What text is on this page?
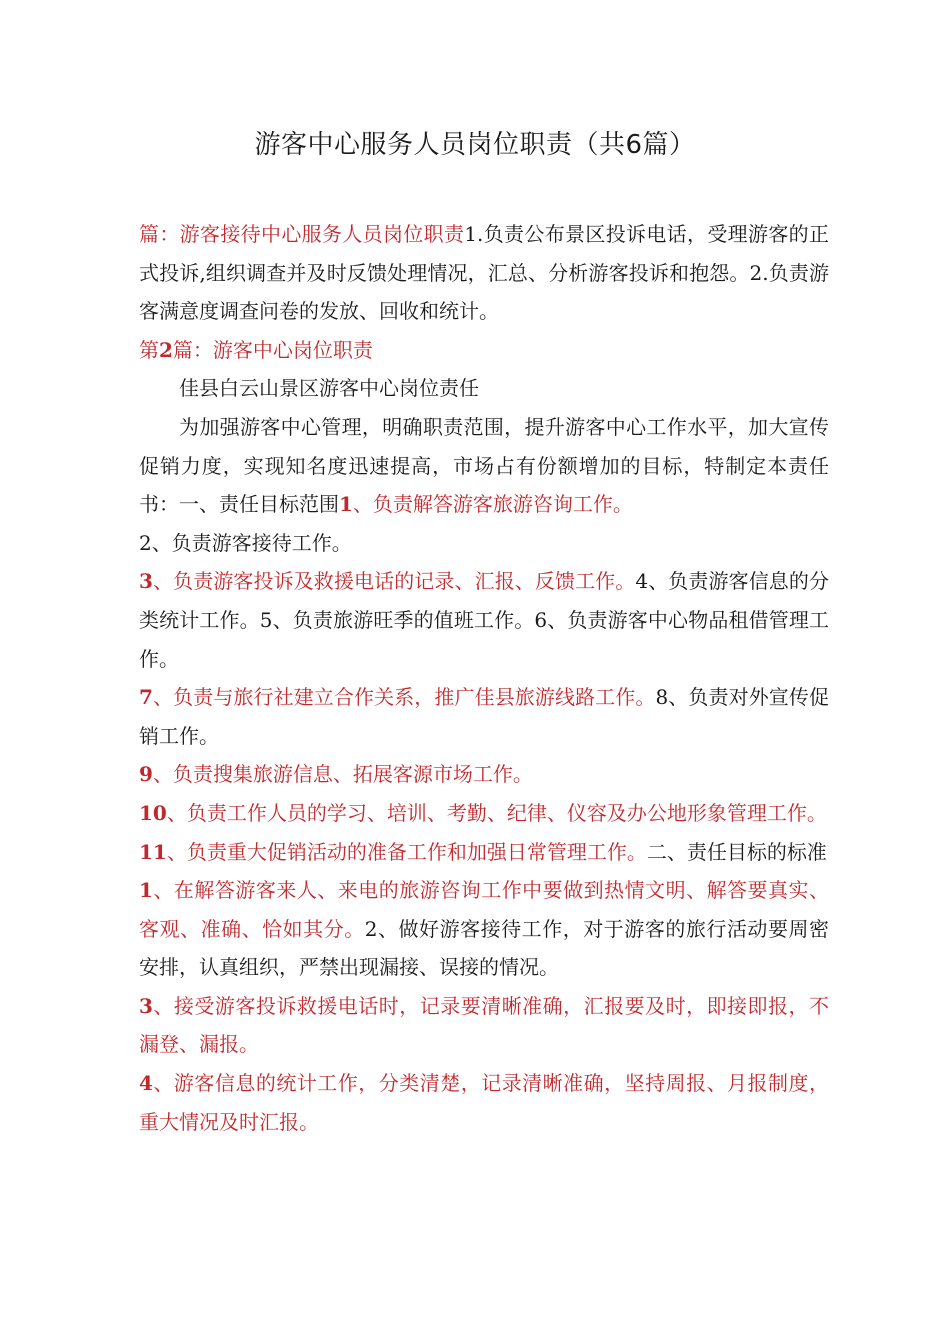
游客中心服务人员岗位职责（共6篇）

篇：游客接待中心服务人员岗位职责1.负责公布景区投诉电话，受理游客的正式投诉,组织调查并及时反馈处理情况，汇总、分析游客投诉和抱怨。2.负责游客满意度调查问卷的发放、回收和统计。

第2篇：游客中心岗位职责

佳县白云山景区游客中心岗位责任

为加强游客中心管理，明确职责范围，提升游客中心工作水平，加大宣传促销力度，实现知名度迅速提高，市场占有份额增加的目标，特制定本责任书：一、责任目标范围1、负责解答游客旅游咨询工作。

2、负责游客接待工作。

3、负责游客投诉及救援电话的记录、汇报、反馈工作。4、负责游客信息的分类统计工作。5、负责旅游旺季的值班工作。6、负责游客中心物品租借管理工作。

7、负责与旅行社建立合作关系，推广佳县旅游线路工作。8、负责对外宣传促销工作。

9、负责搜集旅游信息、拓展客源市场工作。

10、负责工作人员的学习、培训、考勤、纪律、仪容及办公地形象管理工作。

11、负责重大促销活动的准备工作和加强日常管理工作。二、责任目标的标准

1、在解答游客来人、来电的旅游咨询工作中要做到热情文明、解答要真实、客观、准确、恰如其分。2、做好游客接待工作，对于游客的旅行活动要周密安排，认真组织，严禁出现漏接、误接的情况。

3、接受游客投诉救援电话时，记录要清晰准确，汇报要及时，即接即报，不漏登、漏报。

4、游客信息的统计工作，分类清楚，记录清晰准确，坚持周报、月报制度，重大情况及时汇报。
